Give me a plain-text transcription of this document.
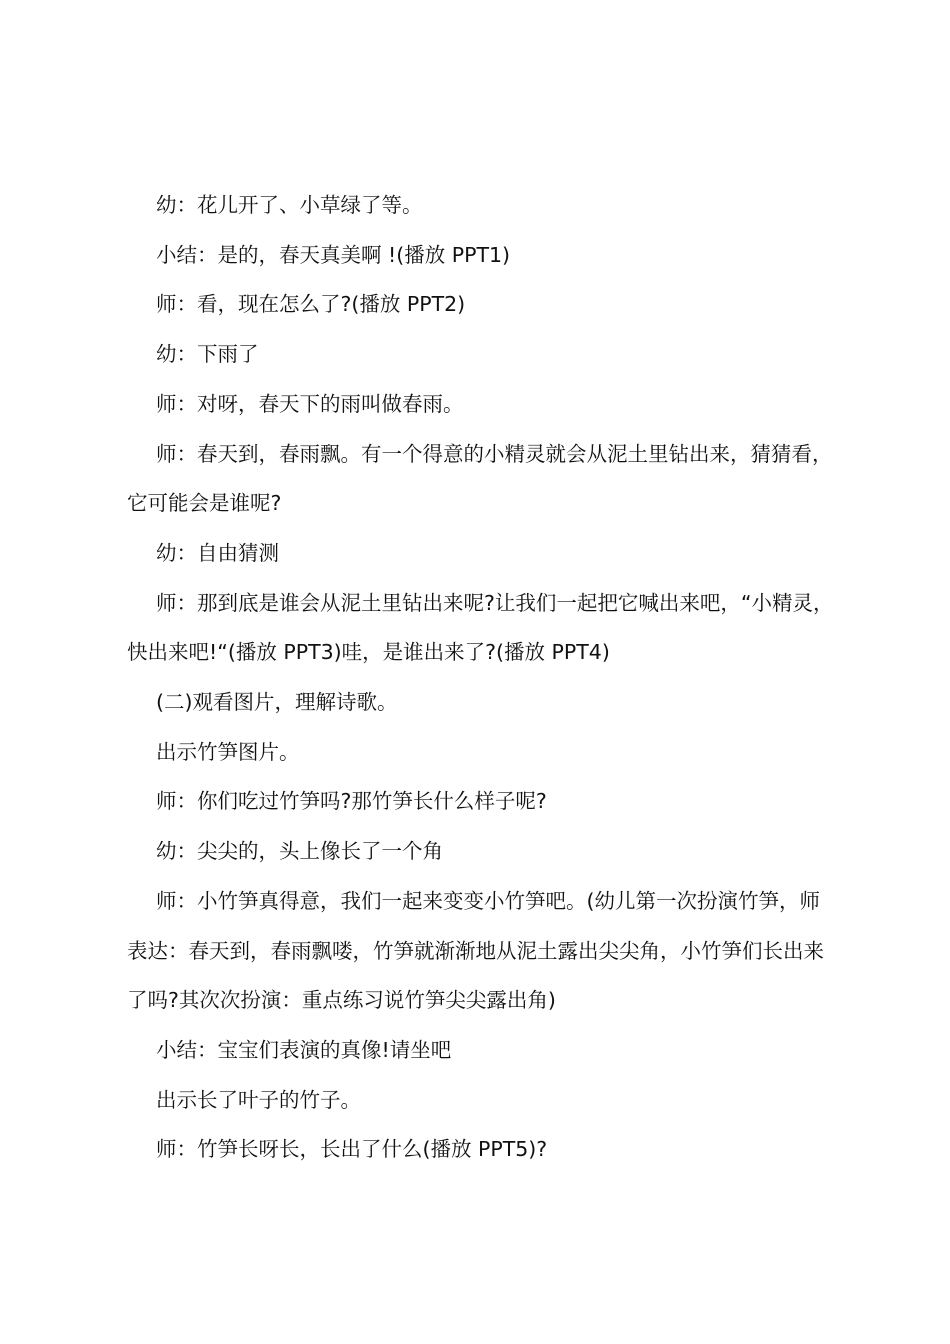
幼：花儿开了、小草绿了等。

小结：是的，春天真美啊 !(播放 PPT1)

师：看，现在怎么了?(播放 PPT2)

幼：下雨了

师：对呀，春天下的雨叫做春雨。

师：春天到，春雨飘。有一个得意的小精灵就会从泥土里钻出来，猜猜看，它可能会是谁呢?

幼：自由猜测

师：那到底是谁会从泥土里钻出来呢?让我们一起把它喊出来吧，“小精灵，快出来吧!“(播放 PPT3)哇，是谁出来了?(播放 PPT4)

(二)观看图片，理解诗歌。

出示竹笋图片。

师：你们吃过竹笋吗?那竹笋长什么样子呢?

幼：尖尖的，头上像长了一个角

师：小竹笋真得意，我们一起来变变小竹笋吧。(幼儿第一次扮演竹笋，师表达：春天到，春雨飘喽，竹笋就渐渐地从泥土露出尖尖角，小竹笋们长出来了吗?其次次扮演：重点练习说竹笋尖尖露出角)

小结：宝宝们表演的真像!请坐吧

出示长了叶子的竹子。

师：竹笋长呀长，长出了什么(播放 PPT5)?
